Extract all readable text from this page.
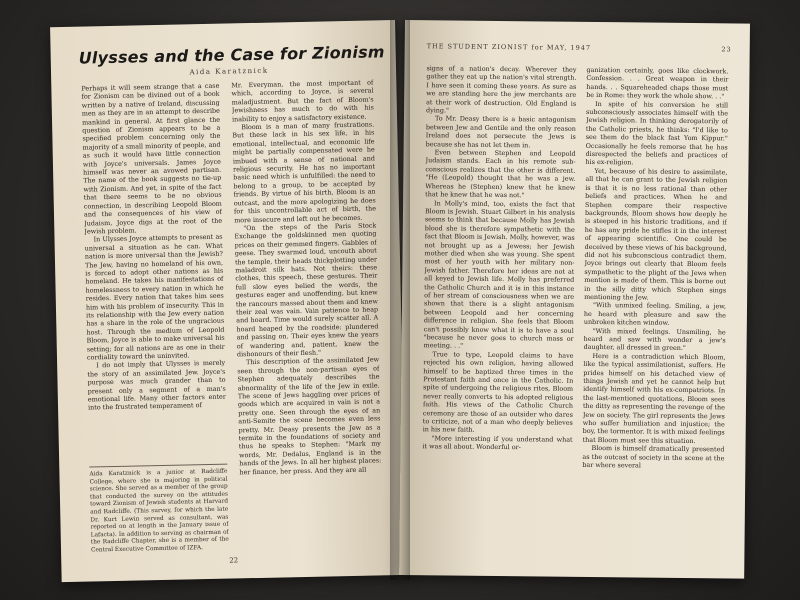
Ulysses and the Case for Zionism
Aida Karatznick

Perhaps it will seem strange that a case for Zionism can be divined out of a book written by a native of Ireland, discussing men as they are in an attempt to describe mankind in general. At first glance the question of Zionism appears to be a specified problem concerning only the majority of a small minority of people, and as such it would have little connection with Joyce's universals. James Joyce himself was never an avowed partisan. The name of the book suggests no tie-up with Zionism. And yet, in spite of the fact that there seems to be no obvious connection, in describing Leopold Bloom and the consequences of his view of Judaism, Joyce digs at the root of the Jewish problem.

In Ulysses Joyce attempts to present as universal a situation as he can. What nation is more universal than the Jewish? The Jew, having no homeland of his own, is forced to adopt other nations as his homeland. He takes his manifestations of homelessness to every nation in which he resides. Every nation that takes him sees him with his problem of insecurity. This in its relationship with the Jew every nation has a share in the role of the ungracious host. Through the medium of Leopold Bloom, Joyce is able to make universal his setting; for all nations are as one in their cordiality toward the uninvited.

I do not imply that Ulysses is merely the story of an assimilated Jew. Joyce's purpose was much grander than to present only a segment of a man's emotional life. Many other factors enter into the frustrated temperament of

Aida Karatznick is a junior at Radcliffe College, where she is majoring in political science. She served as a member of the group that conducted the survey on the attitudes toward Zionism of Jewish students at Harvard and Radcliffe. (This survey, for which the late Dr. Kurt Lewin served as consultant, was reported on at length in the January issue of Lafacta). In addition to serving as chairman of the Radcliffe Chapter, she is a member of the Central Executive Committee of IZFA.

Mr. Everyman, the most important of which, according to Joyce, is several maladjustment. But the fact of Bloom's Jewishness has much to do with his inability to enjoy a satisfactory existence.

Bloom is a man of many frustrations. But these lack in his sex life, in his emotional, intellectual, and economic life might be partially compensated were he imbued with a sense of national and religious security. He has no important basic need which is unfulfilled: the need to belong to a group, to be accepted by friends. By virtue of his birth, Bloom is an outcast, and the more apologizing he does for this uncontrollable act of birth, the more insecure and left out he becomes.

"On the steps of the Paris Stock Exchange the goldskinned men quoting prices on their gemmed fingers. Gabbles of geese. They swarmed loud, uncouth about the temple, their heads thickplotting under maladroit silk hats. Not theirs: these clothes, this speech, these gestures. Their full slow eyes belied the words, the gestures eager and unoffending, but knew the rancours massed about them and knew their zeal was vain. Vain patience to heap and hoard. Time would surely scatter all. A hoard heaped by the roadside: plundered and passing on. Their eyes knew the years of wandering and, patient, knew the dishonours of their flesh."

This description of the assimilated Jew seen through the non-partisan eyes of Stephen adequately describes the abnormality of the life of the Jew in exile. The scene of Jews haggling over prices of goods which are acquired in vain is not a pretty one. Seen through the eyes of an anti-Semite the scene becomes even less pretty. Mr. Deasy presents the Jew as a termite in the foundations of society and thus he speaks to Stephen: "Mark my words, Mr. Dedalus, England is in the hands of the Jews. In all her highest places: her finance, her press. And they are all

22
THE STUDENT ZIONIST for MAY, 1947	23

signs of a nation's decay. Wherever they gather they eat up the nation's vital strength. I have seen it coming these years. As sure as we are standing here the jew merchants are at their work of destruction. Old England is dying."

To Mr. Deasy there is a basic antagonism between Jew and Gentile and the only reason Ireland does not persecute the Jews is because she has not let them in.

Even between Stephen and Leopold Judaism stands. Each in his remote sub-conscious realizes that the other is different. "He (Leopold) thought that he was a jew. Whereas he (Stephen) knew that he knew that he knew that he was not."

In Molly's mind, too, exists the fact that Bloom is Jewish. Stuart Gilbert in his analysis seems to think that because Molly has Jewish blood she is therefore sympathetic with the fact that Bloom is Jewish. Molly, however, was not brought up as a Jewess; her Jewish mother died when she was young. She spent most of her youth with her military non-Jewish father. Therefore her ideas are not at all keyed to Jewish life. Molly has preferred the Catholic Church and it is in this instance of her stream of consciousness when we are shown that there is a slight antagonism between Leopold and her concerning difference in religion. She feels that Bloom can't possibly know what it is to have a soul "because he never goes to church mass or meeting. . ."

True to type, Leopold claims to have rejected his own religion, having allowed himself to be baptized three times in the Protestant faith and once in the Catholic. In spite of undergoing the religious rites, Bloom never really converts to his adopted religious faith. His views of the Catholic Church ceremony are those of an outsider who dares to criticize, not of a man who deeply believes in his new faith.

"More interesting if you understand what it was all about. Wonderful or-

ganization certainly, goes like clockwork. Confession. . . Great weapon in their hands. . . Squareheaded chaps those must be in Rome: they work the whole show. . ."

In spite of his conversion he still subconsciously associates himself with the Jewish religion. In thinking derogatorily of the Catholic priests, he thinks: "I'd like to see them do the black fast Yom Kippur." Occasionally he feels remorse that he has disrespected the beliefs and practices of his ex-religion.

Yet, because of his desire to assimilate, all that he can grant to the Jewish religion is that it is no less rational than other beliefs and practices. When he and Stephen compare their respective backgrounds, Bloom shows how deeply he is steeped in his historic traditions, and if he has any pride he stifles it in the interest of appearing scientific. One could be deceived by these views of his background, did not his subconscious contradict them. Joyce brings out clearly that Bloom feels sympathetic to the plight of the Jews when mention is made of them. This is borne out in the silly ditty which Stephen sings mentioning the Jew.

"With unmixed feeling. Smiling, a jew, he heard with pleasure and saw the unbroken kitchen window.

"With mixed feelings. Unsmiling, he heard and saw with wonder a jew's daughter, all dressed in green."

Here is a contradiction which Bloom, like the typical assimilationist, suffers. He prides himself on his detached view of things Jewish and yet he cannot help but identify himself with his ex-compatriots. In the last-mentioned quotations, Bloom sees the ditty as representing the revenge of the Jew on society. The girl represents the Jews who suffer humiliation and injustice; the boy, the tormentor. It is with mixed feelings that Bloom must see this situation.

Bloom is himself dramatically presented as the outcast of society in the scene at the bar where several
